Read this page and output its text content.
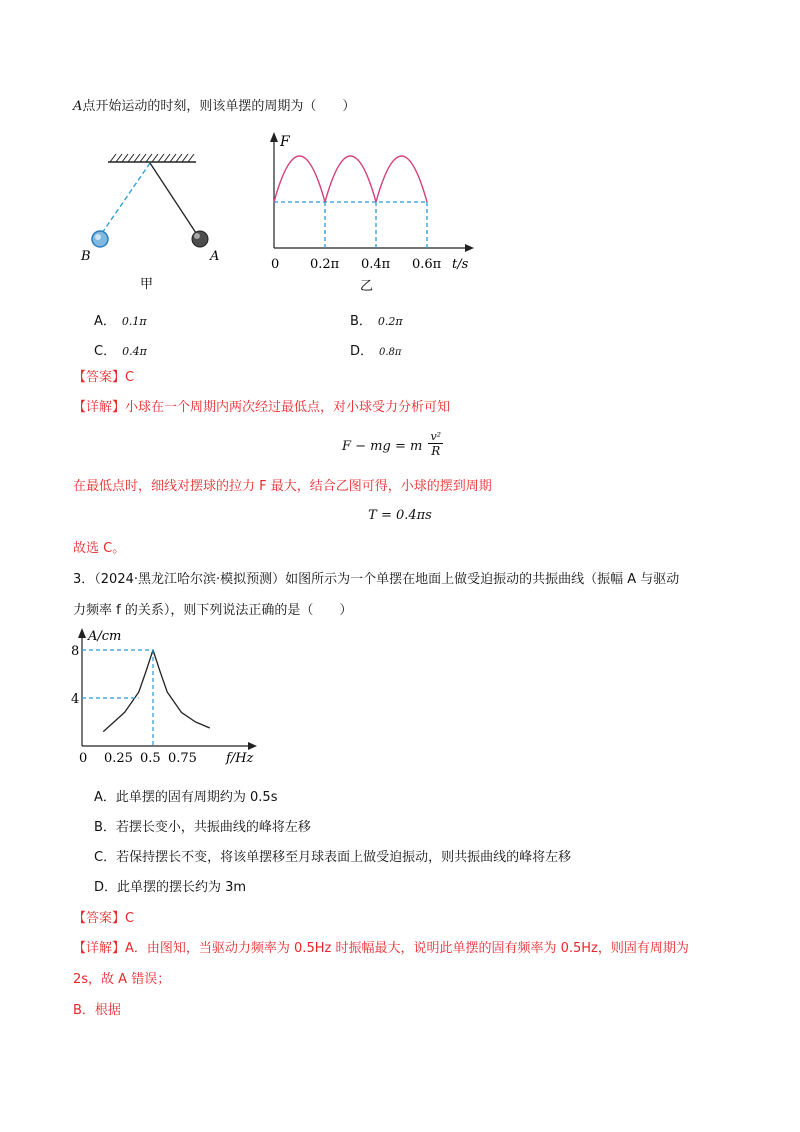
A点开始运动的时刻，则该单摆的周期为（　　）
B	A
甲
F
0 0.2π 0.4π 0.6π t/s
乙
A． 0.1π	B． 0.2π
C． 0.4π	D． 0.8π
【答案】C
【详解】小球在一个周期内两次经过最低点，对小球受力分析可知
F − mg = m $\frac{\text{v²}}{R}$
在最低点时，细线对摆球的拉力 F 最大，结合乙图可得，小球的摆到周期
T = 0.4πs
故选 C。
3．（2024·黑龙江哈尔滨·模拟预测）如图所示为一个单摆在地面上做受迫振动的共振曲线（振幅 A 与驱动
力频率 f 的关系），则下列说法正确的是（　　）
A/cm
8
4
0 0.25 0.5 0.75 f/Hz
A．此单摆的固有周期约为 0.5s
B．若摆长变小，共振曲线的峰将左移
C．若保持摆长不变，将该单摆移至月球表面上做受迫振动，则共振曲线的峰将左移
D．此单摆的摆长约为 3m
【答案】C
【详解】A．由图知，当驱动力频率为 0.5Hz 时振幅最大，说明此单摆的固有频率为 0.5Hz，则固有周期为
2s，故 A 错误；
B．根据
